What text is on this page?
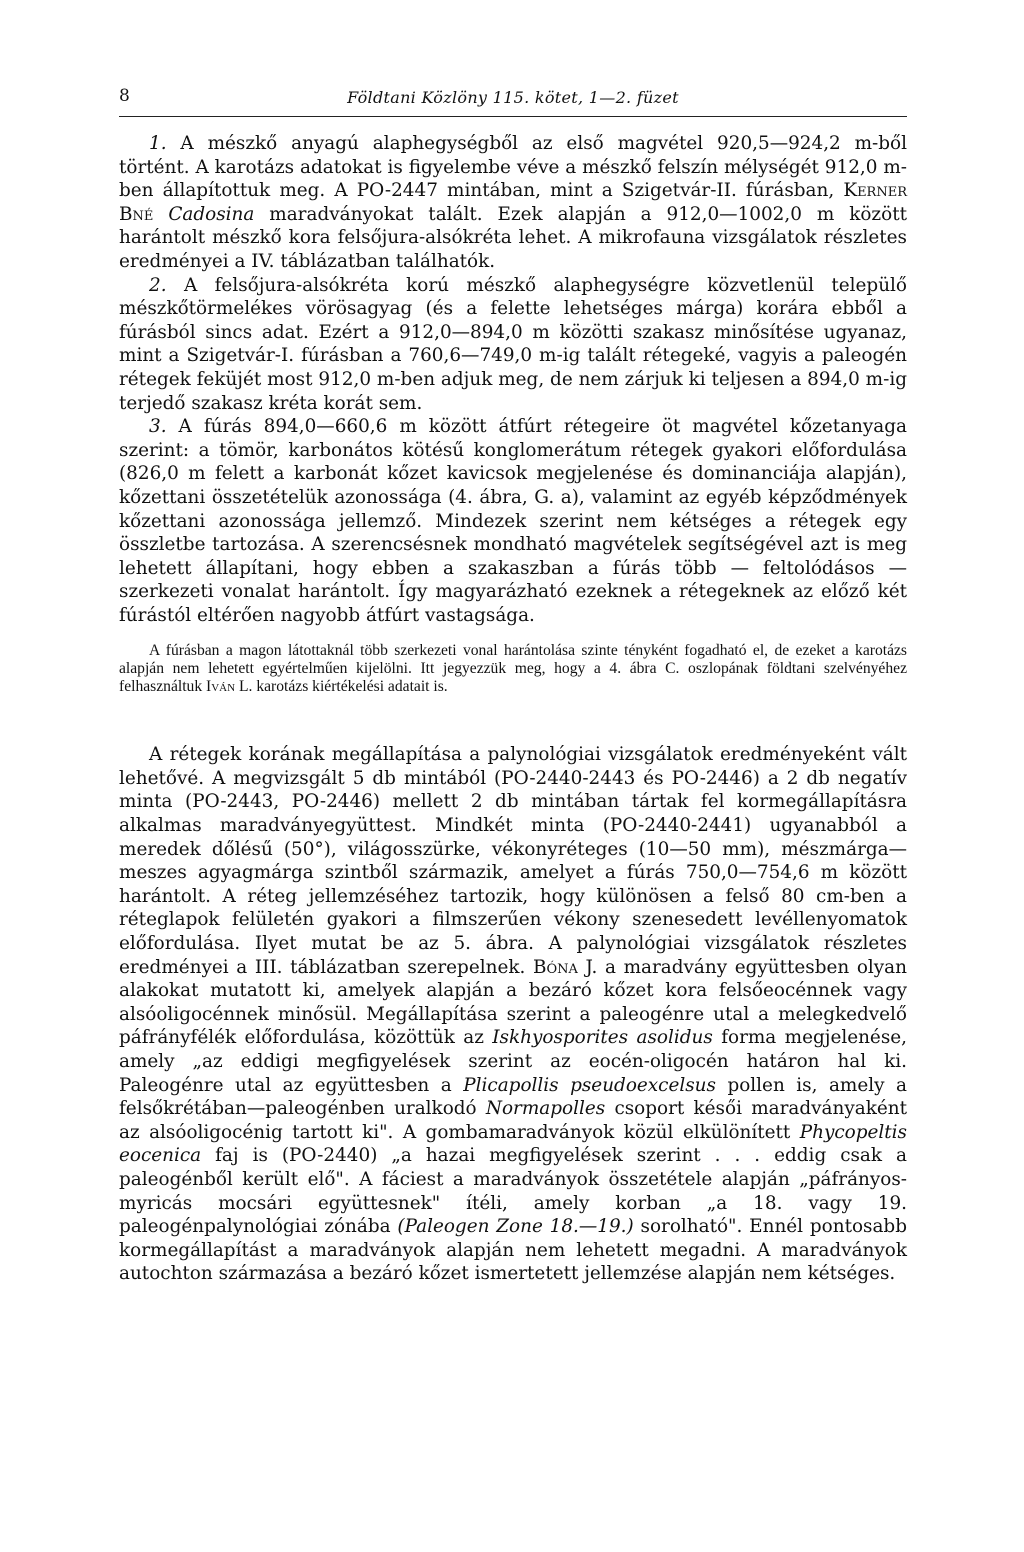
8	Földtani Közlöny 115. kötet, 1—2. füzet

1. A mészkő anyagú alaphegységből az első magvétel 920,5—924,2 m-ből történt. A karotázs adatokat is figyelembe véve a mészkő felszín mélységét 912,0 m-ben állapítottuk meg. A PO-2447 mintában, mint a Szigetvár-II. fúrásban, Kerner Bné Cadosina maradványokat talált. Ezek alapján a 912,0—1002,0 m között harántolt mészkő kora felsőjura-alsókréta lehet. A mikrofauna vizsgálatok részletes eredményei a IV. táblázatban találhatók.

2. A felsőjura-alsókréta korú mészkő alaphegységre közvetlenül települő mészkőtörmelékes vörösagyag (és a felette lehetséges márga) korára ebből a fúrásból sincs adat. Ezért a 912,0—894,0 m közötti szakasz minősítése ugyanaz, mint a Szigetvár-I. fúrásban a 760,6—749,0 m-ig talált rétegeké, vagyis a paleogén rétegek feküjét most 912,0 m-ben adjuk meg, de nem zárjuk ki teljesen a 894,0 m-ig terjedő szakasz kréta korát sem.

3. A fúrás 894,0—660,6 m között átfúrt rétegeire öt magvétel kőzetanyaga szerint: a tömör, karbonátos kötésű konglomerátum rétegek gyakori előfordulása (826,0 m felett a karbonát kőzet kavicsok megjelenése és dominanciája alapján), kőzettani összetételük azonossága (4. ábra, G. a), valamint az egyéb képződmények kőzettani azonossága jellemző. Mindezek szerint nem kétséges a rétegek egy összletbe tartozása. A szerencsésnek mondható magvételek segítségével azt is meg lehetett állapítani, hogy ebben a szakaszban a fúrás több — feltolódásos — szerkezeti vonalat harántolt. Így magyarázható ezeknek a rétegeknek az előző két fúrástól eltérően nagyobb átfúrt vastagsága.

A fúrásban a magon látottaknál több szerkezeti vonal harántolása szinte tényként fogadható el, de ezeket a karotázs alapján nem lehetett egyértelműen kijelölni. Itt jegyezzük meg, hogy a 4. ábra C. oszlopának földtani szelvényéhez felhasználtuk Iván L. karotázs kiértékelési adatait is.

A rétegek korának megállapítása a palynológiai vizsgálatok eredményeként vált lehetővé. A megvizsgált 5 db mintából (PO-2440-2443 és PO-2446) a 2 db negatív minta (PO-2443, PO-2446) mellett 2 db mintában tártak fel kormegállapításra alkalmas maradványegyüttest. Mindkét minta (PO-2440-2441) ugyanabból a meredek dőlésű (50°), világosszürke, vékonyréteges (10—50 mm), mészmárga—meszes agyagmárga szintből származik, amelyet a fúrás 750,0—754,6 m között harántolt. A réteg jellemzéséhez tartozik, hogy különösen a felső 80 cm-ben a réteglapok felületén gyakori a filmszerűen vékony szenesedett levéllenyomatok előfordulása. Ilyet mutat be az 5. ábra. A palynológiai vizsgálatok részletes eredményei a III. táblázatban szerepelnek. Bóna J. a maradvány együttesben olyan alakokat mutatott ki, amelyek alapján a bezáró kőzet kora felsőeocénnek vagy alsóoligocénnek minősül. Megállapítása szerint a paleogénre utal a melegkedvelő páfrányfélék előfordulása, közöttük az Iskhyosporites asolidus forma megjelenése, amely „az eddigi megfigyelések szerint az eocén-oligocén határon hal ki. Paleogénre utal az együttesben a Plicapollis pseudoexcelsus pollen is, amely a felsőkrétában—paleogénben uralkodó Normapolles csoport késői maradványaként az alsóoligocénig tartott ki". A gombamaradványok közül elkülönített Phycopeltis eocenica faj is (PO-2440) „a hazai megfigyelések szerint . . . eddig csak a paleogénből került elő". A fáciest a maradványok összetétele alapján „páfrányos-myricás mocsári együttesnek" ítéli, amely korban „a 18. vagy 19. paleogénpalynológiai zónába (Paleogen Zone 18.—19.) sorolható". Ennél pontosabb kormegállapítást a maradványok alapján nem lehetett megadni. A maradványok autochton származása a bezáró kőzet ismertetett jellemzése alapján nem kétséges.
